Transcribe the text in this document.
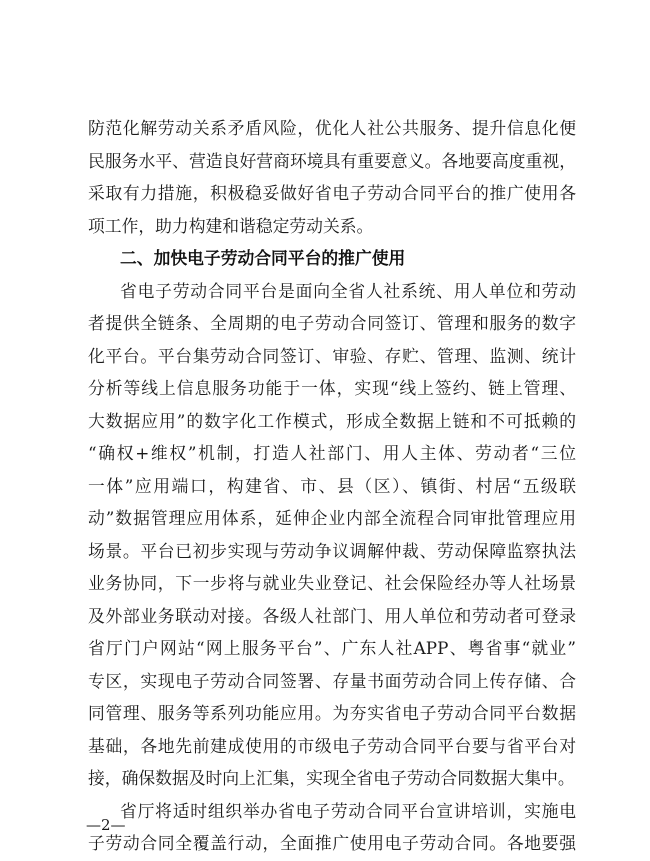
防范化解劳动关系矛盾风险，优化人社公共服务、提升信息化便
民服务水平、营造良好营商环境具有重要意义。各地要高度重视，
采取有力措施，积极稳妥做好省电子劳动合同平台的推广使用各
项工作，助力构建和谐稳定劳动关系。
二、加快电子劳动合同平台的推广使用
省电子劳动合同平台是面向全省人社系统、用人单位和劳动
者提供全链条、全周期的电子劳动合同签订、管理和服务的数字
化平台。平台集劳动合同签订、审验、存贮、管理、监测、统计
分析等线上信息服务功能于一体，实现“线上签约、链上管理、
大数据应用”的数字化工作模式，形成全数据上链和不可抵赖的
“确权+维权”机制，打造人社部门、用人主体、劳动者“三位
一体”应用端口，构建省、市、县（区）、镇街、村居“五级联
动”数据管理应用体系，延伸企业内部全流程合同审批管理应用
场景。平台已初步实现与劳动争议调解仲裁、劳动保障监察执法
业务协同，下一步将与就业失业登记、社会保险经办等人社场景
及外部业务联动对接。各级人社部门、用人单位和劳动者可登录
省厅门户网站“网上服务平台”、广东人社APP、粤省事“就业”
专区，实现电子劳动合同签署、存量书面劳动合同上传存储、合
同管理、服务等系列功能应用。为夯实省电子劳动合同平台数据
基础，各地先前建成使用的市级电子劳动合同平台要与省平台对
接，确保数据及时向上汇集，实现全省电子劳动合同数据大集中。
省厅将适时组织举办省电子劳动合同平台宣讲培训，实施电
子劳动合同全覆盖行动，全面推广使用电子劳动合同。各地要强
—2—
